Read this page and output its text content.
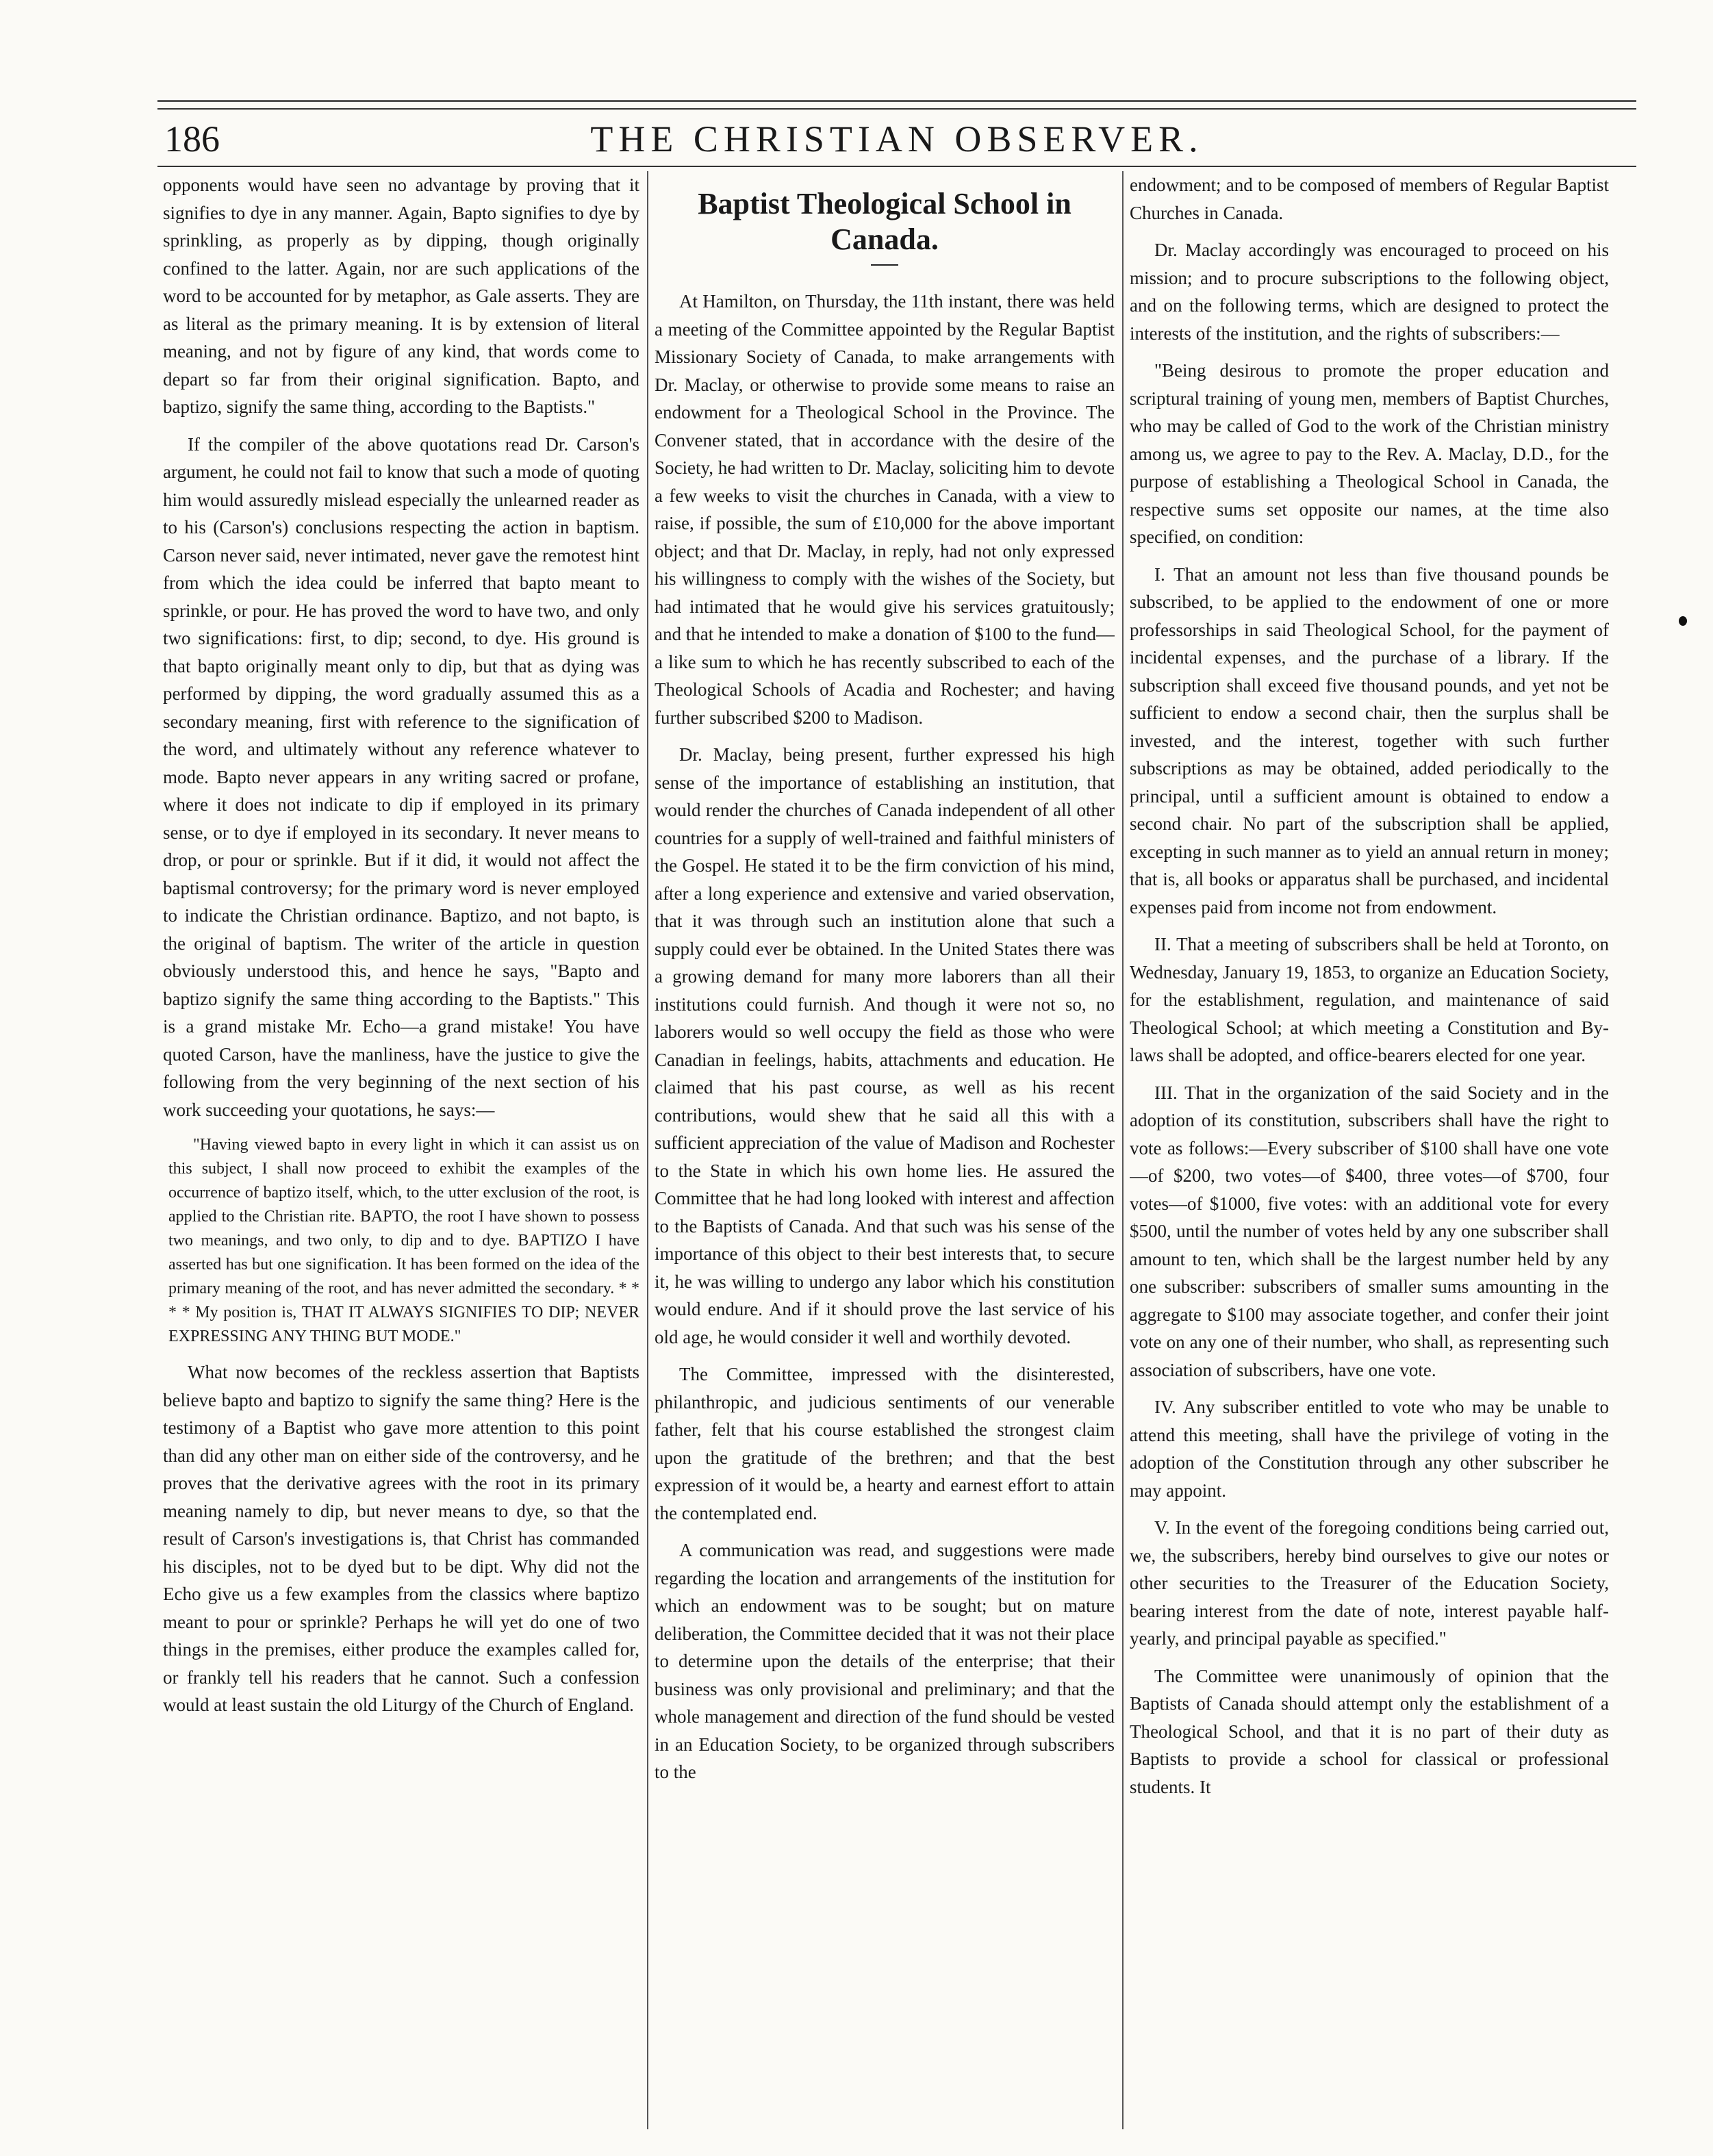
186	THE CHRISTIAN OBSERVER.

opponents would have seen no advantage by proving that it signifies to dye in any manner. Again, Bapto signifies to dye by sprinkling, as properly as by dipping, though originally confined to the latter. Again, nor are such applications of the word to be accounted for by metaphor, as Gale asserts. They are as literal as the primary meaning. It is by extension of literal meaning, and not by figure of any kind, that words come to depart so far from their original signification. Bapto, and baptizo, signify the same thing, according to the Baptists."

If the compiler of the above quotations read Dr. Carson's argument, he could not fail to know that such a mode of quoting him would assuredly mislead especially the unlearned reader as to his (Carson's) conclusions respecting the action in baptism. Carson never said, never intimated, never gave the remotest hint from which the idea could be inferred that bapto meant to sprinkle, or pour. He has proved the word to have two, and only two significations: first, to dip; second, to dye. His ground is that bapto originally meant only to dip, but that as dying was performed by dipping, the word gradually assumed this as a secondary meaning, first with reference to the signification of the word, and ultimately without any reference whatever to mode. Bapto never appears in any writing sacred or profane, where it does not indicate to dip if employed in its primary sense, or to dye if employed in its secondary. It never means to drop, or pour or sprinkle. But if it did, it would not affect the baptismal controversy; for the primary word is never employed to indicate the Christian ordinance. Baptizo, and not bapto, is the original of baptism. The writer of the article in question obviously understood this, and hence he says, "Bapto and baptizo signify the same thing according to the Baptists." This is a grand mistake Mr. Echo—a grand mistake! You have quoted Carson, have the manliness, have the justice to give the following from the very beginning of the next section of his work succeeding your quotations, he says:—

"Having viewed bapto in every light in which it can assist us on this subject, I shall now proceed to exhibit the examples of the occurrence of baptizo itself, which, to the utter exclusion of the root, is applied to the Christian rite. BAPTO, the root I have shown to possess two meanings, and two only, to dip and to dye. BAPTIZO I have asserted has but one signification. It has been formed on the idea of the primary meaning of the root, and has never admitted the secondary. * * * * My position is, THAT IT ALWAYS SIGNIFIES TO DIP; NEVER EXPRESSING ANY THING BUT MODE."

What now becomes of the reckless assertion that Baptists believe bapto and baptizo to signify the same thing? Here is the testimony of a Baptist who gave more attention to this point than did any other man on either side of the controversy, and he proves that the derivative agrees with the root in its primary meaning namely to dip, but never means to dye, so that the result of Carson's investigations is, that Christ has commanded his disciples, not to be dyed but to be dipt. Why did not the Echo give us a few examples from the classics where baptizo meant to pour or sprinkle? Perhaps he will yet do one of two things in the premises, either produce the examples called for, or frankly tell his readers that he cannot. Such a confession would at least sustain the old Liturgy of the Church of England.

Baptist Theological School in Canada.

At Hamilton, on Thursday, the 11th instant, there was held a meeting of the Committee appointed by the Regular Baptist Missionary Society of Canada, to make arrangements with Dr. Maclay, or otherwise to provide some means to raise an endowment for a Theological School in the Province. The Convener stated, that in accordance with the desire of the Society, he had written to Dr. Maclay, soliciting him to devote a few weeks to visit the churches in Canada, with a view to raise, if possible, the sum of £10,000 for the above important object; and that Dr. Maclay, in reply, had not only expressed his willingness to comply with the wishes of the Society, but had intimated that he would give his services gratuitously; and that he intended to make a donation of $100 to the fund—a like sum to which he has recently subscribed to each of the Theological Schools of Acadia and Rochester; and having further subscribed $200 to Madison.

Dr. Maclay, being present, further expressed his high sense of the importance of establishing an institution, that would render the churches of Canada independent of all other countries for a supply of well-trained and faithful ministers of the Gospel. He stated it to be the firm conviction of his mind, after a long experience and extensive and varied observation, that it was through such an institution alone that such a supply could ever be obtained. In the United States there was a growing demand for many more laborers than all their institutions could furnish. And though it were not so, no laborers would so well occupy the field as those who were Canadian in feelings, habits, attachments and education. He claimed that his past course, as well as his recent contributions, would shew that he said all this with a sufficient appreciation of the value of Madison and Rochester to the State in which his own home lies. He assured the Committee that he had long looked with interest and affection to the Baptists of Canada. And that such was his sense of the importance of this object to their best interests that, to secure it, he was willing to undergo any labor which his constitution would endure. And if it should prove the last service of his old age, he would consider it well and worthily devoted.

The Committee, impressed with the disinterested, philanthropic, and judicious sentiments of our venerable father, felt that his course established the strongest claim upon the gratitude of the brethren; and that the best expression of it would be, a hearty and earnest effort to attain the contemplated end.

A communication was read, and suggestions were made regarding the location and arrangements of the institution for which an endowment was to be sought; but on mature deliberation, the Committee decided that it was not their place to determine upon the details of the enterprise; that their business was only provisional and preliminary; and that the whole management and direction of the fund should be vested in an Education Society, to be organized through subscribers to the

endowment; and to be composed of members of Regular Baptist Churches in Canada.

Dr. Maclay accordingly was encouraged to proceed on his mission; and to procure subscriptions to the following object, and on the following terms, which are designed to protect the interests of the institution, and the rights of subscribers:—

"Being desirous to promote the proper education and scriptural training of young men, members of Baptist Churches, who may be called of God to the work of the Christian ministry among us, we agree to pay to the Rev. A. Maclay, D.D., for the purpose of establishing a Theological School in Canada, the respective sums set opposite our names, at the time also specified, on condition:

I. That an amount not less than five thousand pounds be subscribed, to be applied to the endowment of one or more professorships in said Theological School, for the payment of incidental expenses, and the purchase of a library. If the subscription shall exceed five thousand pounds, and yet not be sufficient to endow a second chair, then the surplus shall be invested, and the interest, together with such further subscriptions as may be obtained, added periodically to the principal, until a sufficient amount is obtained to endow a second chair. No part of the subscription shall be applied, excepting in such manner as to yield an annual return in money; that is, all books or apparatus shall be purchased, and incidental expenses paid from income not from endowment.

II. That a meeting of subscribers shall be held at Toronto, on Wednesday, January 19, 1853, to organize an Education Society, for the establishment, regulation, and maintenance of said Theological School; at which meeting a Constitution and By-laws shall be adopted, and office-bearers elected for one year.

III. That in the organization of the said Society and in the adoption of its constitution, subscribers shall have the right to vote as follows:—Every subscriber of $100 shall have one vote—of $200, two votes—of $400, three votes—of $700, four votes—of $1000, five votes: with an additional vote for every $500, until the number of votes held by any one subscriber shall amount to ten, which shall be the largest number held by any one subscriber: subscribers of smaller sums amounting in the aggregate to $100 may associate together, and confer their joint vote on any one of their number, who shall, as representing such association of subscribers, have one vote.

IV. Any subscriber entitled to vote who may be unable to attend this meeting, shall have the privilege of voting in the adoption of the Constitution through any other subscriber he may appoint.

V. In the event of the foregoing conditions being carried out, we, the subscribers, hereby bind ourselves to give our notes or other securities to the Treasurer of the Education Society, bearing interest from the date of note, interest payable half-yearly, and principal payable as specified."

The Committee were unanimously of opinion that the Baptists of Canada should attempt only the establishment of a Theological School, and that it is no part of their duty as Baptists to provide a school for classical or professional students. It
